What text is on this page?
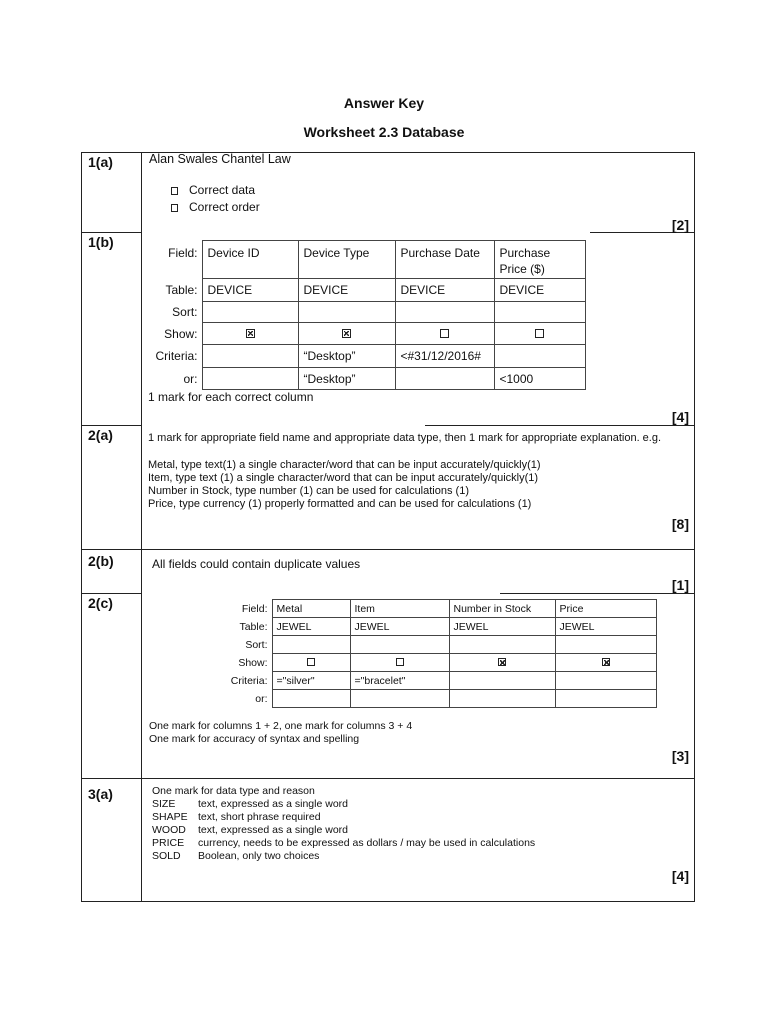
Answer Key
Worksheet 2.3 Database
1(a)	Alan Swales Chantel Law
Correct data
Correct order
[2]
1(b)
Field:	Device ID	Device Type	Purchase Date	Purchase
Price ($)
Table:	DEVICE	DEVICE	DEVICE	DEVICE
Sort:				
Show:				
Criteria:		“Desktop”	<#31/12/2016#	
or:		“Desktop”		<1000
1 mark for each correct column
[4]
2(a)	1 mark for appropriate field name and appropriate data type, then 1 mark for appropriate explanation. e.g.
Metal, type text(1) a single character/word that can be input accurately/quickly(1)
Item, type text (1) a single character/word that can be input accurately/quickly(1)
Number in Stock, type number (1) can be used for calculations (1)
Price, type currency (1) properly formatted and can be used for calculations (1)
[8]
2(b)	All fields could contain duplicate values
[1]
2(c)	Field:	Metal	Item	Number in Stock	Price
Table:	JEWEL	JEWEL	JEWEL	JEWEL
Sort:				
Show:				
Criteria:	="silver"	="bracelet"		
or:				
One mark for columns 1 + 2, one mark for columns 3 + 4
One mark for accuracy of syntax and spelling
[3]
3(a)	One mark for data type and reason
SIZE text, expressed as a single word
SHAPE text, short phrase required
WOOD text, expressed as a single word
PRICE currency, needs to be expressed as dollars / may be used in calculations
SOLD Boolean, only two choices
[4]
